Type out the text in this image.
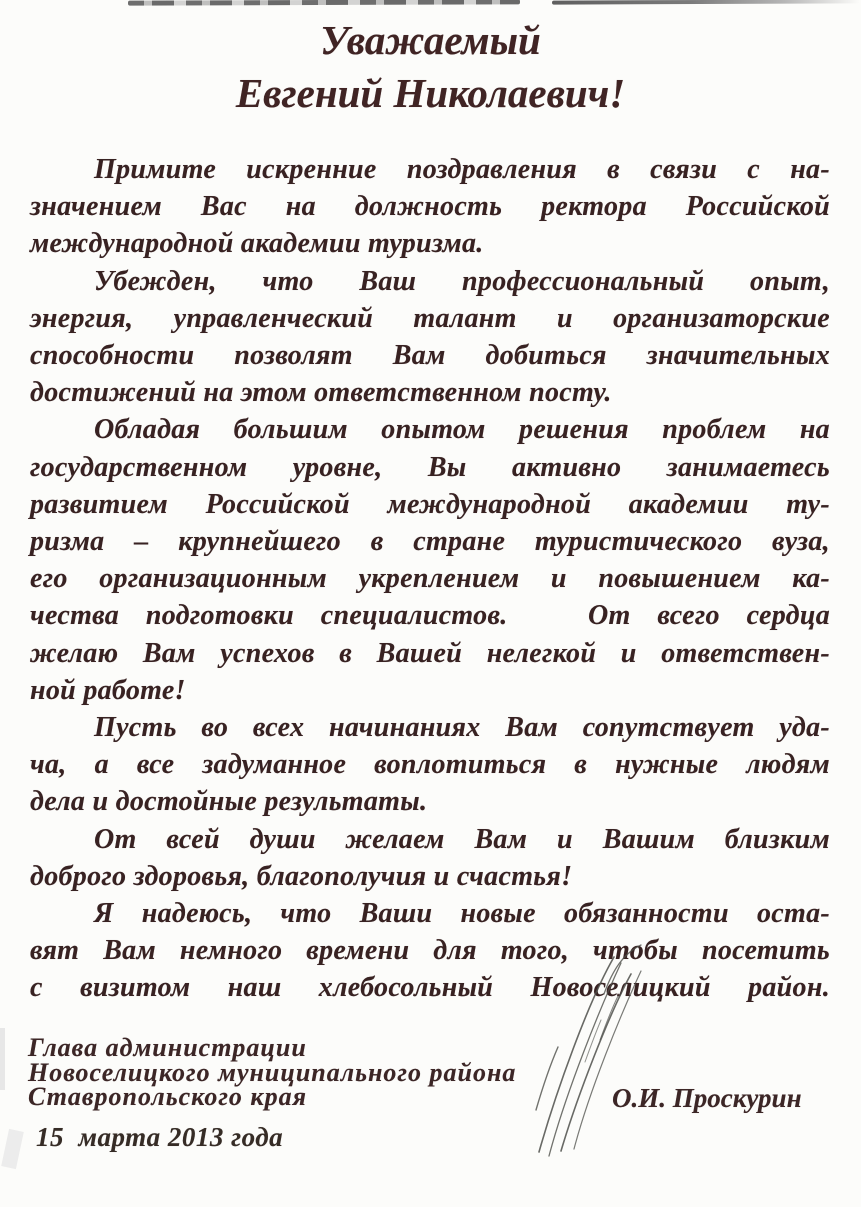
Уважаемый
Евгений Николаевич!
Примите искренние поздравления в связи с на-
значением Вас на должность ректора Российской
международной академии туризма.
Убежден, что Ваш профессиональный опыт,
энергия, управленческий талант и организаторские
способности позволят Вам добиться значительных
достижений на этом ответственном посту.
Обладая большим опытом решения проблем на
государственном уровне, Вы активно занимаетесь
развитием Российской международной академии ту-
ризма – крупнейшего в стране туристического вуза,
его организационным укреплением и повышением ка-
чества подготовки специалистов.   От всего сердца
желаю Вам успехов в Вашей нелегкой и ответствен-
ной работе!
Пусть во всех начинаниях Вам сопутствует уда-
ча, а все задуманное воплотиться в нужные людям
дела и достойные результаты.
От всей души желаем Вам и Вашим близким
доброго здоровья, благополучия и счастья!
Я надеюсь, что Ваши новые обязанности оста-
вят Вам немного времени для того, чтобы посетить
с визитом наш хлебосольный Новоселицкий район.
Глава администрации
Новоселицкого муниципального района
Ставропольского края	О.И. Проскурин
15  марта 2013 года
